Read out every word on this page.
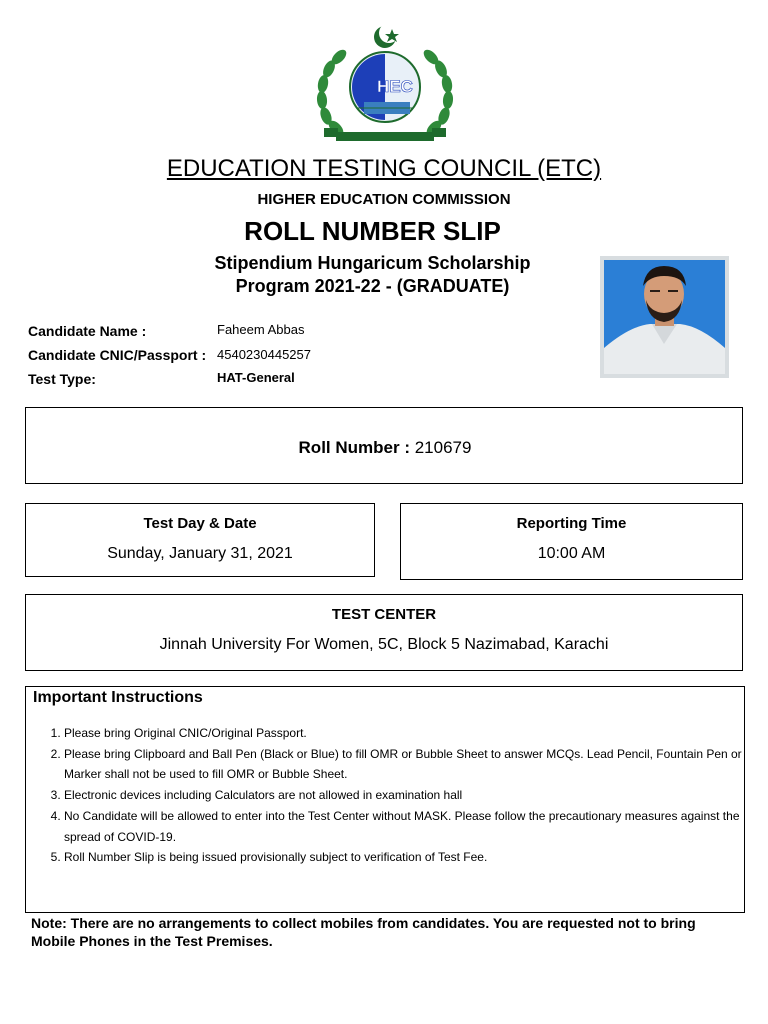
HEC
EDUCATION TESTING COUNCIL (ETC)
HIGHER EDUCATION COMMISSION
ROLL NUMBER SLIP
Stipendium Hungaricum Scholarship
Program 2021-22 - (GRADUATE)
Candidate Name :	Faheem Abbas
Candidate CNIC/Passport : 4540230445257
Test Type:	HAT-General
Roll Number : 210679
Test Day & Date
Sunday, January 31, 2021
Reporting Time
10:00 AM
TEST CENTER
Jinnah University For Women, 5C, Block 5 Nazimabad, Karachi
Important Instructions
1. Please bring Original CNIC/Original Passport.
2. Please bring Clipboard and Ball Pen (Black or Blue) to fill OMR or Bubble Sheet to answer MCQs. Lead Pencil, Fountain Pen or Marker shall not be used to fill OMR or Bubble Sheet.
3. Electronic devices including Calculators are not allowed in examination hall
4. No Candidate will be allowed to enter into the Test Center without MASK. Please follow the precautionary measures against the spread of COVID-19.
5. Roll Number Slip is being issued provisionally subject to verification of Test Fee.
Note: There are no arrangements to collect mobiles from candidates. You are requested not to bring Mobile Phones in the Test Premises.
